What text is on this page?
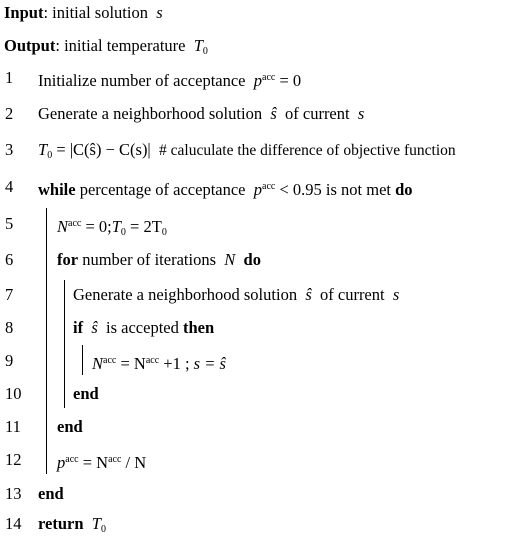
Input: initial solution s
Output: initial temperature $T_0$
1 Initialize number of acceptance $p^{acc} = 0$
2 Generate a neighborhood solution ŝ of current s
3 $T_0$ = |C(ŝ) − C(s)| # caluculate the difference of objective function
4 while percentage of acceptance $p^{acc} < 0.95$ is not met do
5	$N^{acc}$ = $0;T_0 = 2T_0$
6	for number of iterations N do
7	Generate a neighborhood solution ŝ of current s
8	if ŝ is accepted then
9	$N^{acc} = N^{acc} +1$ ; s = ŝ
10	end
11 end
12 $p^{acc} = N^{acc} / N$
13 end
14 return $T_0$
